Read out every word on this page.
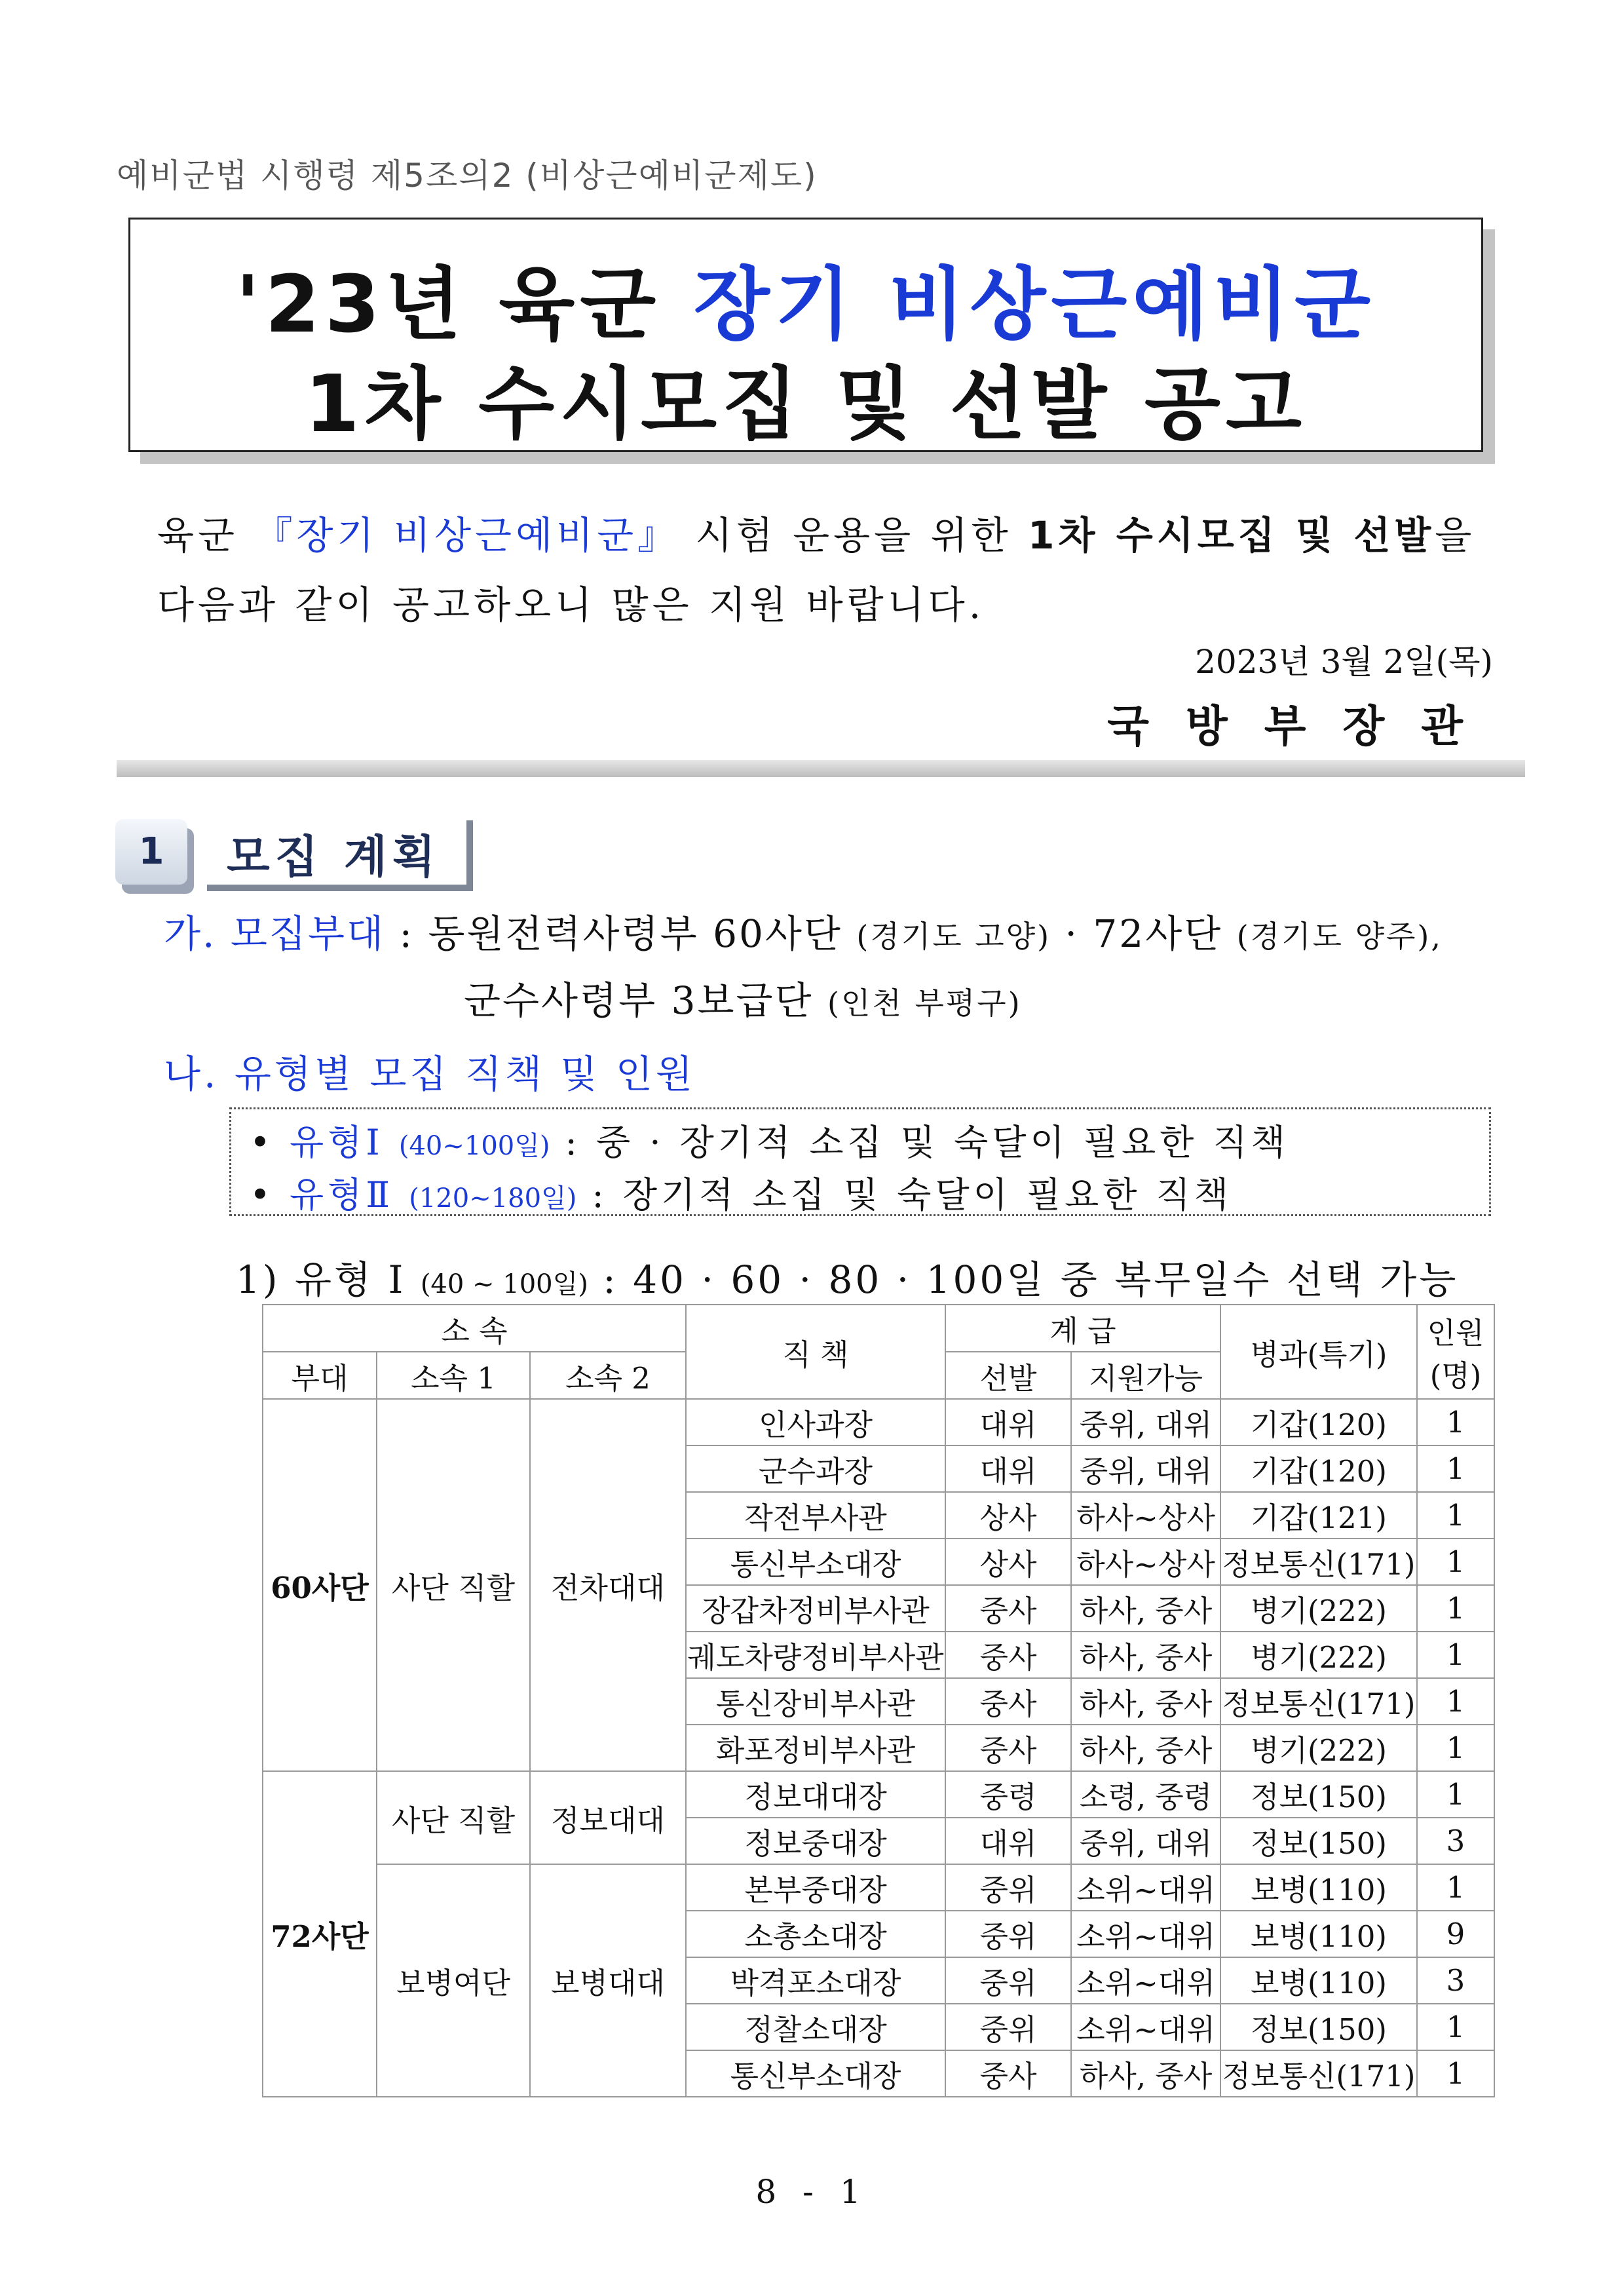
예비군법 시행령 제5조의2 (비상근예비군제도)
'23년 육군 장기 비상근예비군
1차 수시모집 및 선발 공고
육군 『장기 비상근예비군』 시험 운용을 위한 1차 수시모집 및 선발을
다음과 같이 공고하오니 많은 지원 바랍니다.
2023년 3월 2일(목)
국방부장관
1	모집 계획
가. 모집부대 : 동원전력사령부 60사단 (경기도 고양) · 72사단 (경기도 양주),
군수사령부 3보급단 (인천 부평구)
나. 유형별 모집 직책 및 인원
• 유형Ⅰ (40~100일) : 중 · 장기적 소집 및 숙달이 필요한 직책
• 유형Ⅱ (120~180일) : 장기적 소집 및 숙달이 필요한 직책
1) 유형 Ⅰ (40 ~ 100일) : 40 · 60 · 80 · 100일 중 복무일수 선택 가능
소 속			직 책	계 급		병과(특기)	인원
(명)
부대	소속 1	소속 2		선발	지원가능		
60사단	사단 직할	전차대대	인사과장	대위	중위, 대위	기갑(120)	1
			군수과장	대위	중위, 대위	기갑(120)	1
			작전부사관	상사	하사~상사	기갑(121)	1
			통신부소대장	상사	하사~상사	정보통신(171)	1
			장갑차정비부사관	중사	하사, 중사	병기(222)	1
			궤도차량정비부사관	중사	하사, 중사	병기(222)	1
			통신장비부사관	중사	하사, 중사	정보통신(171)	1
			화포정비부사관	중사	하사, 중사	병기(222)	1
72사단	사단 직할	정보대대	정보대대장	중령	소령, 중령	정보(150)	1
			정보중대장	대위	중위, 대위	정보(150)	3
	보병여단	보병대대	본부중대장	중위	소위~대위	보병(110)	1
			소총소대장	중위	소위~대위	보병(110)	9
			박격포소대장	중위	소위~대위	보병(110)	3
			정찰소대장	중위	소위~대위	정보(150)	1
			통신부소대장	중사	하사, 중사	정보통신(171)	1
8 - 1
